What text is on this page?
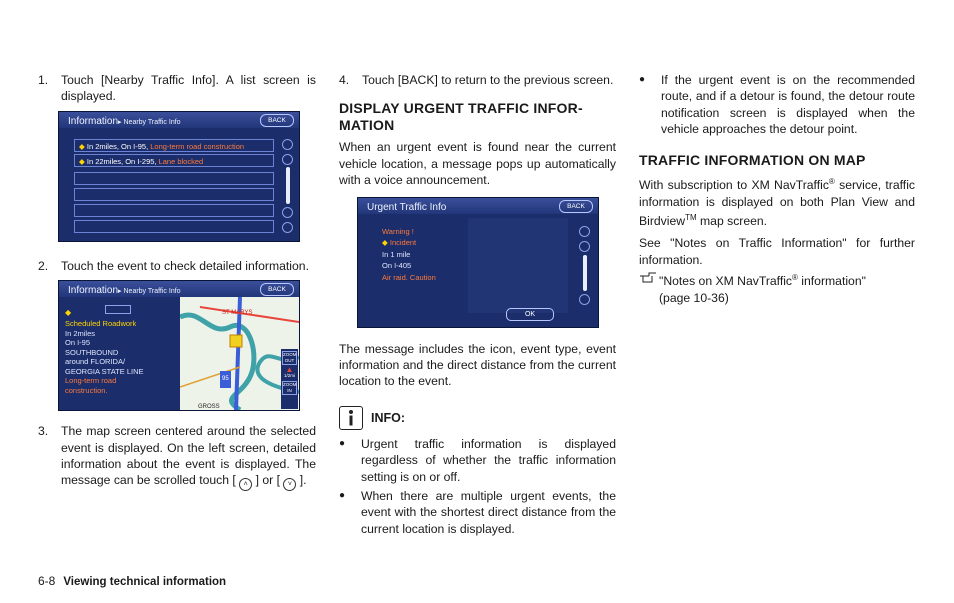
1.	Touch [Nearby Traffic Info]. A list screen is displayed.
Information▸ Nearby Traffic Info	BACK
◆ In 2miles, On I-95, Long-term road construction
◆ In 22miles, On I-295, Lane blocked
2.	Touch the event to check detailed information.
Information▸ Nearby Traffic Info	BACK
◆
Scheduled Roadwork
In 2miles
On I-95
SOUTHBOUND
around FLORIDA/
GEORGIA STATE LINE
Long-term road
construction.
ST MARYS
95
GROSS
ZOOM OUT
▲
1/2mi
ZOOM IN
3.	The map screen centered around the selected event is displayed. On the left screen, detailed information about the event is displayed. The message can be scrolled touch [ ˄ ] or [ ˅ ].
4.	Touch [BACK] to return to the previous screen.
DISPLAY URGENT TRAFFIC INFOR-MATION

When an urgent event is found near the current vehicle location, a message pops up automatically with a voice announcement.

Urgent Traffic Info	BACK
Warning !
◆ Incident
In 1 mile
On I-405
Air raid. Caution
OK

The message includes the icon, event type, event information and the direct distance from the current location to the event.

INFO:
●	Urgent traffic information is displayed regardless of whether the traffic information setting is on or off.
●	When there are multiple urgent events, the event with the shortest direct distance from the current location is displayed.
●	If the urgent event is on the recommended route, and if a detour is found, the detour route notification screen is displayed when the vehicle approaches the detour point.
TRAFFIC INFORMATION ON MAP

With subscription to XM NavTraffic® service, traffic information is displayed on both Plan View and Birdview™ map screen.

See "Notes on Traffic Information" for further information.

"Notes on XM NavTraffic® information"
(page 10-36)
6-8 Viewing technical information
